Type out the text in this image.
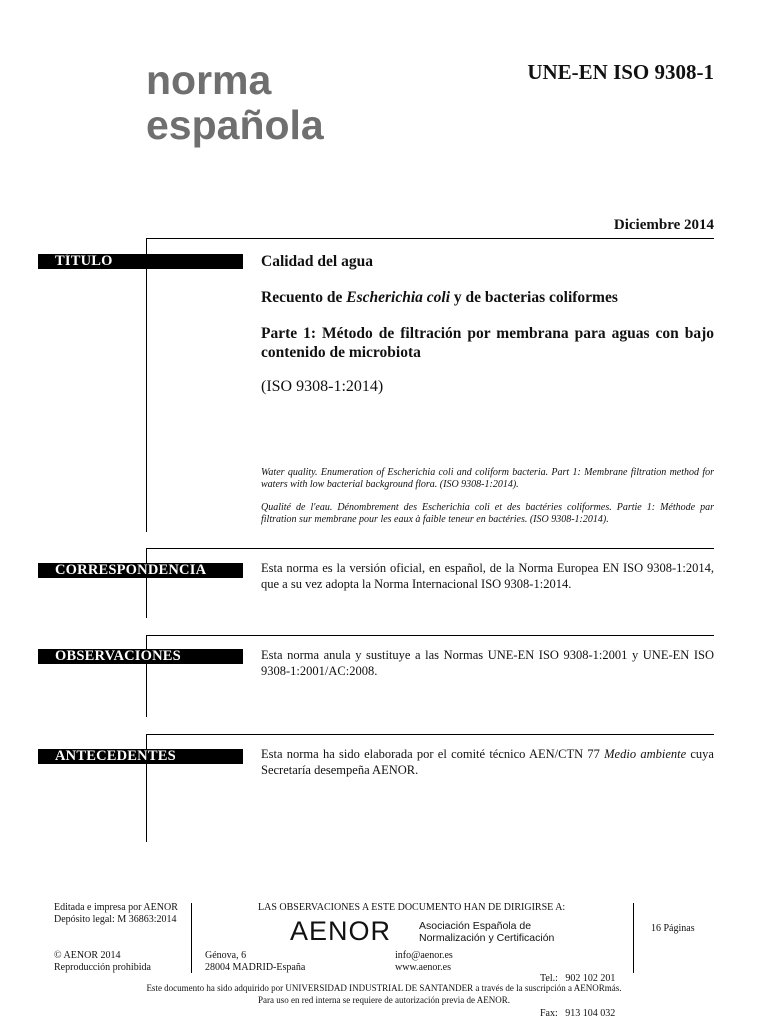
norma
española
UNE-EN ISO 9308-1
Diciembre 2014
TÍTULO	Calidad del agua
Recuento de Escherichia coli y de bacterias coliformes
Parte 1: Método de filtración por membrana para aguas con bajo contenido de microbiota
(ISO 9308-1:2014)
Water quality. Enumeration of Escherichia coli and coliform bacteria. Part 1: Membrane filtration method for waters with low bacterial background flora. (ISO 9308-1:2014).
Qualité de l'eau. Dénombrement des Escherichia coli et des bactéries coliformes. Partie 1: Méthode par filtration sur membrane pour les eaux à faible teneur en bactéries. (ISO 9308-1:2014).
CORRESPONDENCIA	Esta norma es la versión oficial, en español, de la Norma Europea EN ISO 9308-1:2014, que a su vez adopta la Norma Internacional ISO 9308-1:2014.
OBSERVACIONES	Esta norma anula y sustituye a las Normas UNE-EN ISO 9308-1:2001 y UNE-EN ISO 9308-1:2001/AC:2008.
ANTECEDENTES	Esta norma ha sido elaborada por el comité técnico AEN/CTN 77 Medio ambiente cuya Secretaría desempeña AENOR.
Editada e impresa por AENOR
Depósito legal: M 36863:2014
LAS OBSERVACIONES A ESTE DOCUMENTO HAN DE DIRIGIRSE A:
AENOR	Asociación Española de
Normalización y Certificación
16 Páginas
© AENOR 2014
Reproducción prohibida
Génova, 6
28004 MADRID-España
info@aenor.es
www.aenor.es

Tel.:   902 102 201

Fax:   913 104 032

Este documento ha sido adquirido por UNIVERSIDAD INDUSTRIAL DE SANTANDER a través de la suscripción a AENORmás.
Para uso en red interna se requiere de autorización previa de AENOR.
